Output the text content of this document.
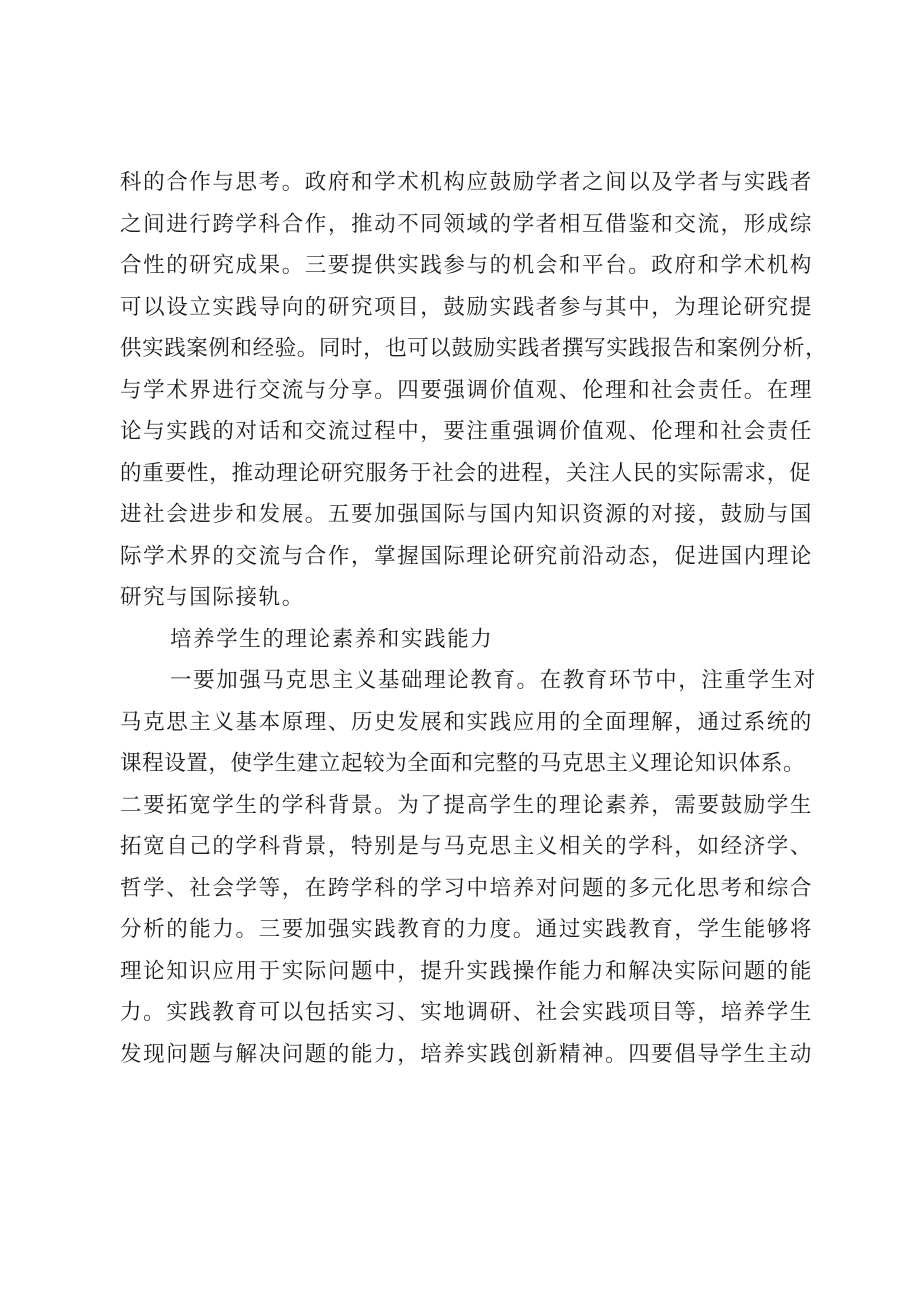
科的合作与思考。政府和学术机构应鼓励学者之间以及学者与实践者
之间进行跨学科合作，推动不同领域的学者相互借鉴和交流，形成综
合性的研究成果。三要提供实践参与的机会和平台。政府和学术机构
可以设立实践导向的研究项目，鼓励实践者参与其中，为理论研究提
供实践案例和经验。同时，也可以鼓励实践者撰写实践报告和案例分析，
与学术界进行交流与分享。四要强调价值观、伦理和社会责任。在理
论与实践的对话和交流过程中，要注重强调价值观、伦理和社会责任
的重要性，推动理论研究服务于社会的进程，关注人民的实际需求，促
进社会进步和发展。五要加强国际与国内知识资源的对接，鼓励与国
际学术界的交流与合作，掌握国际理论研究前沿动态，促进国内理论
研究与国际接轨。
培养学生的理论素养和实践能力
一要加强马克思主义基础理论教育。在教育环节中，注重学生对
马克思主义基本原理、历史发展和实践应用的全面理解，通过系统的
课程设置，使学生建立起较为全面和完整的马克思主义理论知识体系。
二要拓宽学生的学科背景。为了提高学生的理论素养，需要鼓励学生
拓宽自己的学科背景，特别是与马克思主义相关的学科，如经济学、
哲学、社会学等，在跨学科的学习中培养对问题的多元化思考和综合
分析的能力。三要加强实践教育的力度。通过实践教育，学生能够将
理论知识应用于实际问题中，提升实践操作能力和解决实际问题的能
力。实践教育可以包括实习、实地调研、社会实践项目等，培养学生
发现问题与解决问题的能力，培养实践创新精神。四要倡导学生主动
